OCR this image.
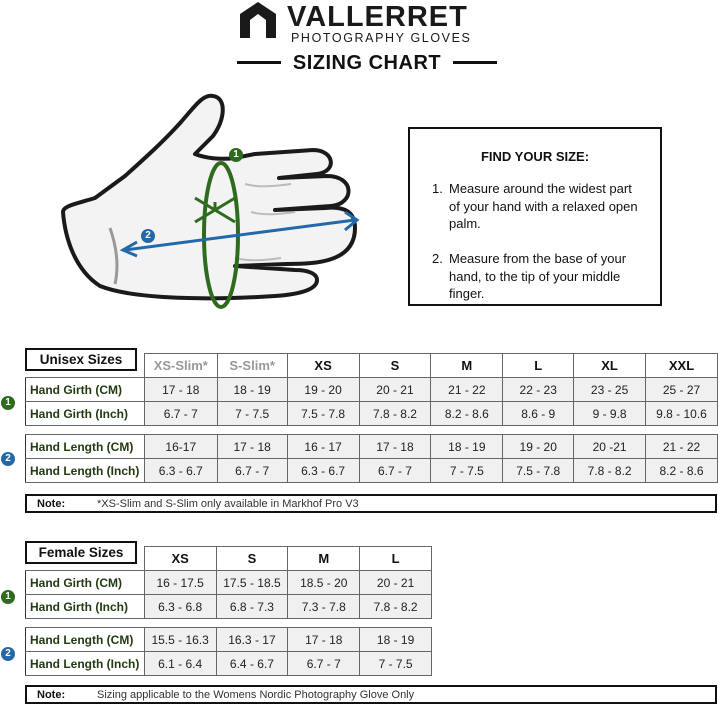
VALLERRET
PHOTOGRAPHY GLOVES
SIZING CHART
1
2
FIND YOUR SIZE:
1. Measure around the widest part of your hand with a relaxed open palm.
2. Measure from the base of your hand, to the tip of your middle finger.
Unisex Sizes
		XS-Slim*	S-Slim*	XS	S	M	L	XL	XXL
Hand Girth (CM)	17 - 18	18 - 19	19 - 20	20 - 21	21 - 22	22 - 23	23 - 25	25 - 27
Hand Girth (Inch)	6.7 - 7	7 - 7.5	7.5 - 7.8	7.8 - 8.2	8.2 - 8.6	8.6 - 9	9 - 9.8	9.8 - 10.6

Hand Length (CM)	16-17	17 - 18	16 - 17	17 - 18	18 - 19	19 - 20	20 -21	21 - 22
Hand Length (Inch)	6.3 - 6.7	6.7 - 7	6.3 - 6.7	6.7 - 7	7 - 7.5	7.5 - 7.8	7.8 - 8.2	8.2 - 8.6
1
2
Note:	*XS-Slim and S-Slim only available in Markhof Pro V3
Female Sizes
		XS	S	M	L
Hand Girth (CM)	16 - 17.5	17.5 - 18.5	18.5 - 20	20 - 21
Hand Girth (Inch)	6.3 - 6.8	6.8 - 7.3	7.3 - 7.8	7.8 - 8.2

Hand Length (CM)	15.5 - 16.3	16.3 - 17	17 - 18	18 - 19
Hand Length (Inch)	6.1 - 6.4	6.4 - 6.7	6.7 - 7	7 - 7.5
1
2
Note:	Sizing applicable to the Womens Nordic Photography Glove Only
